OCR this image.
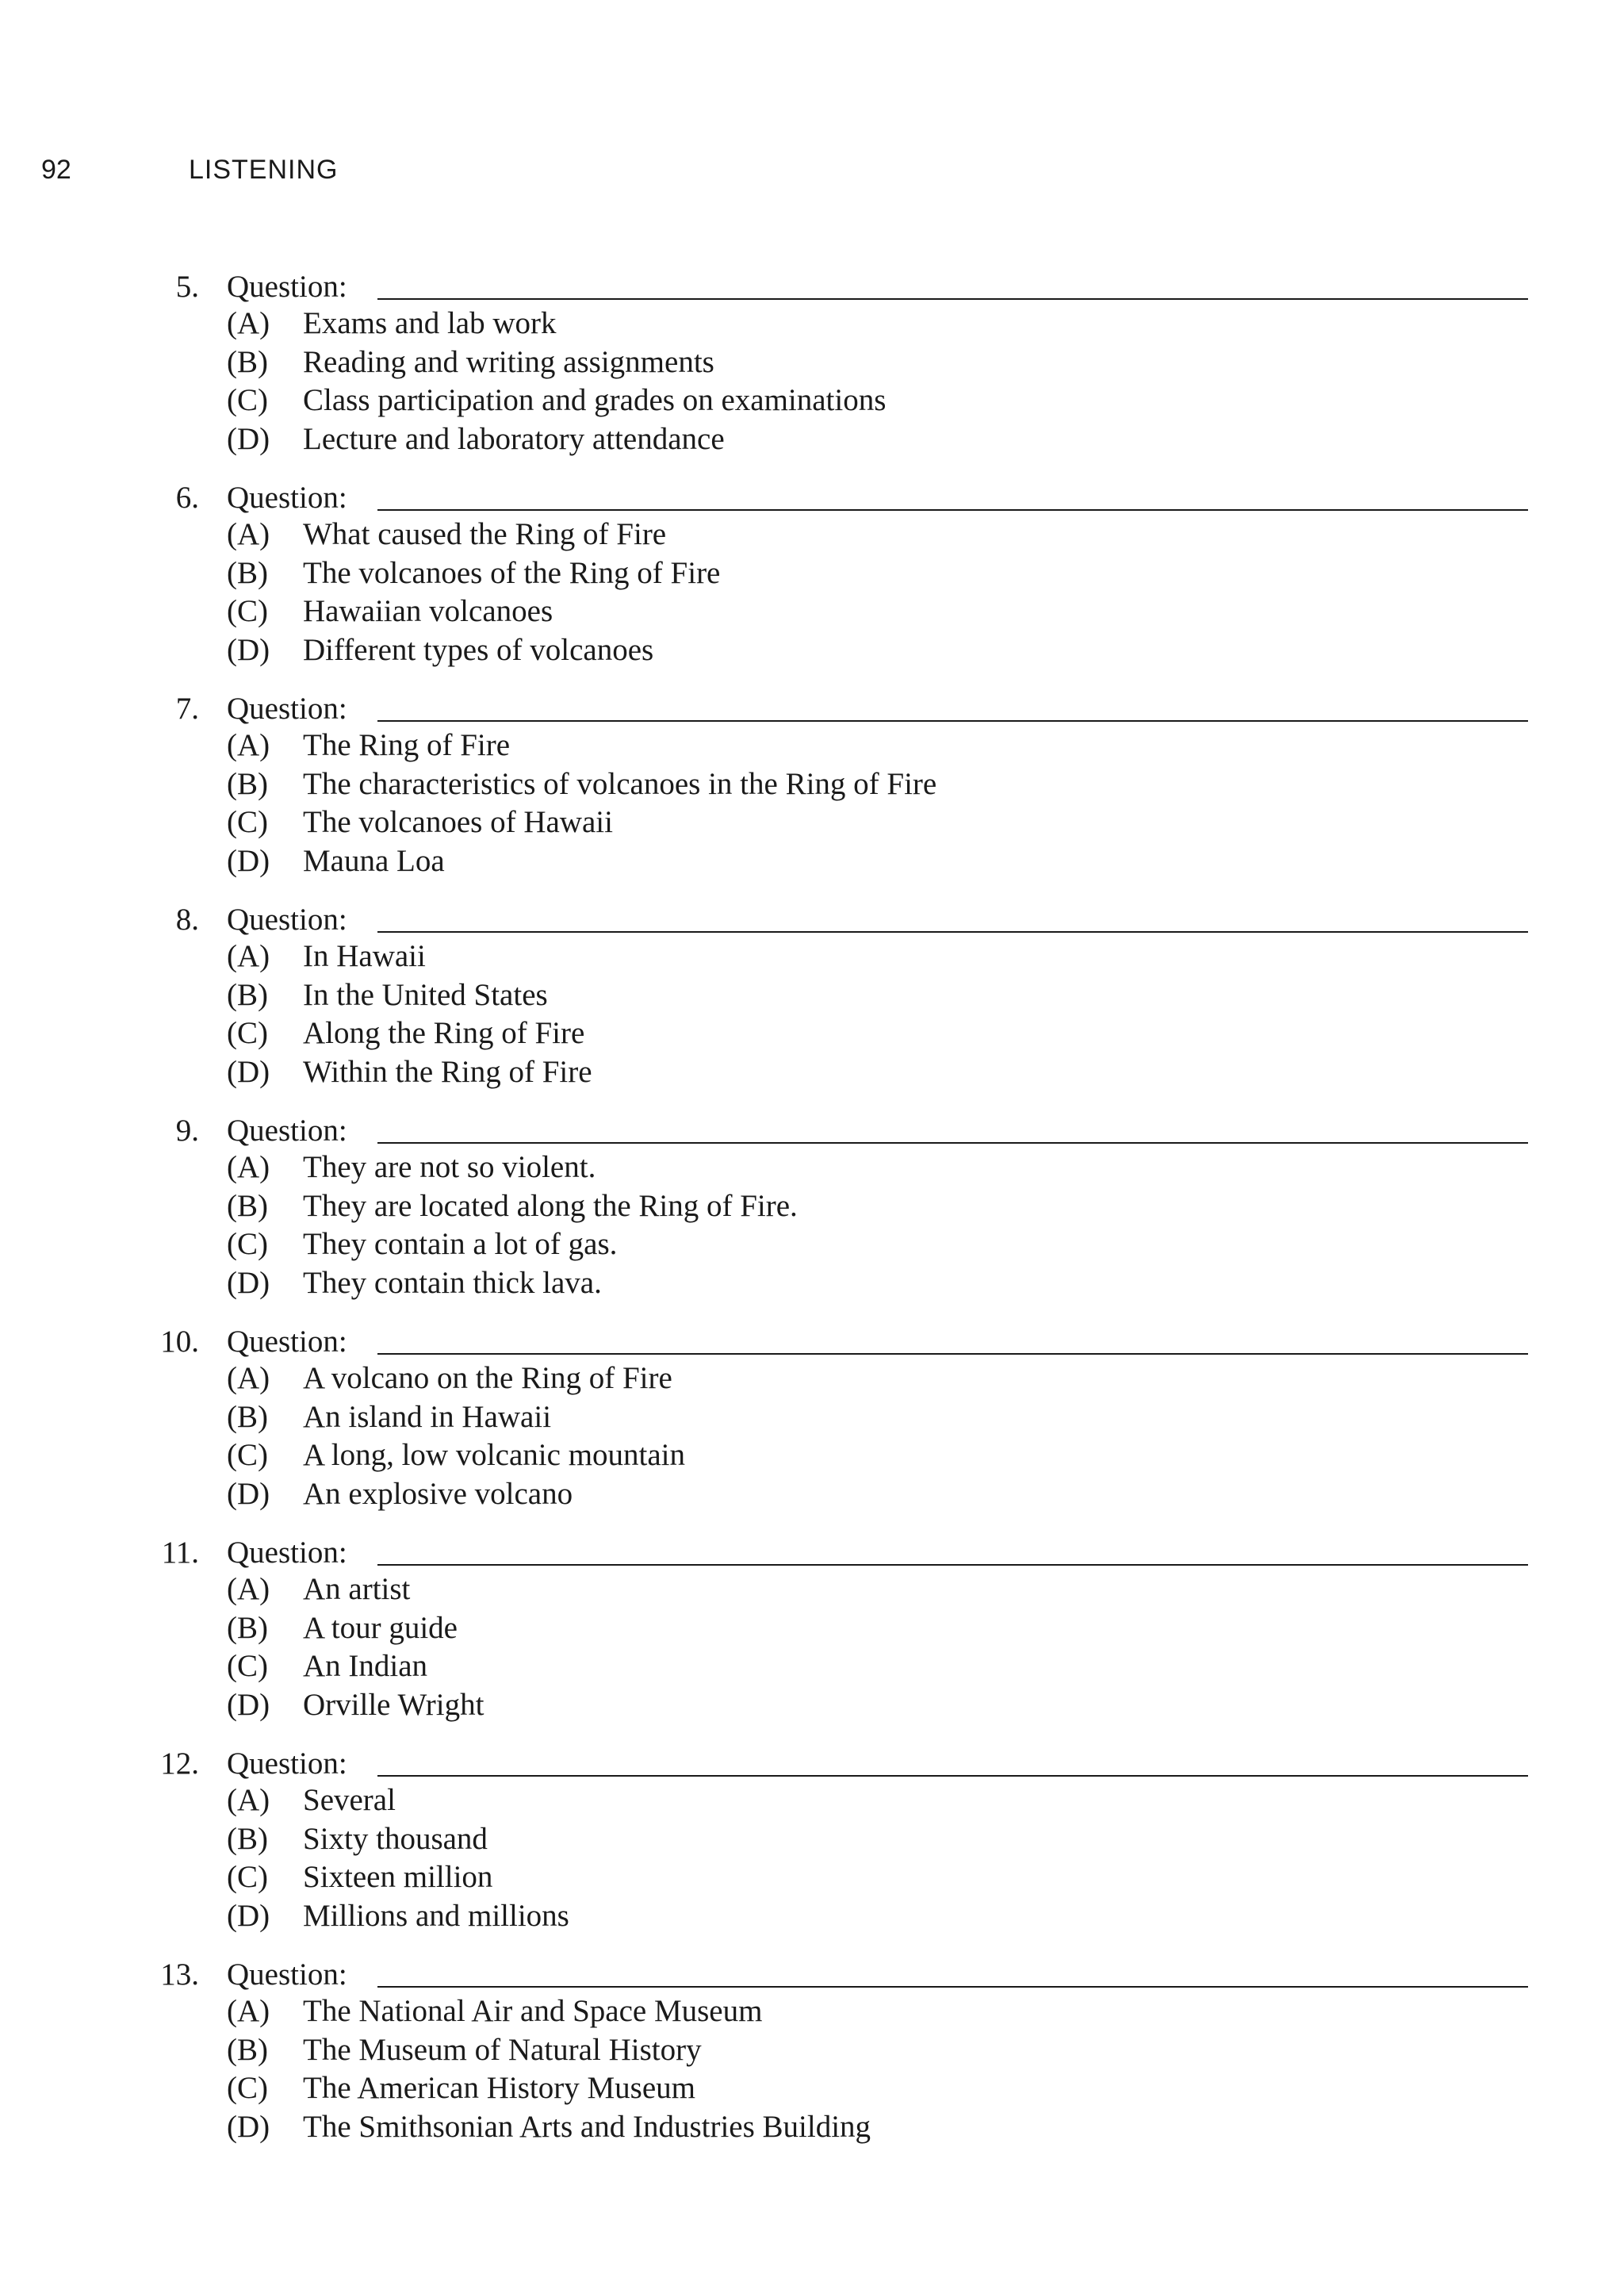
92	LISTENING
5. Question:
(A) Exams and lab work
(B) Reading and writing assignments
(C) Class participation and grades on examinations
(D) Lecture and laboratory attendance
6. Question:
(A) What caused the Ring of Fire
(B) The volcanoes of the Ring of Fire
(C) Hawaiian volcanoes
(D) Different types of volcanoes
7. Question:
(A) The Ring of Fire
(B) The characteristics of volcanoes in the Ring of Fire
(C) The volcanoes of Hawaii
(D) Mauna Loa
8. Question:
(A) In Hawaii
(B) In the United States
(C) Along the Ring of Fire
(D) Within the Ring of Fire
9. Question:
(A) They are not so violent.
(B) They are located along the Ring of Fire.
(C) They contain a lot of gas.
(D) They contain thick lava.
10. Question:
(A) A volcano on the Ring of Fire
(B) An island in Hawaii
(C) A long, low volcanic mountain
(D) An explosive volcano
11. Question:
(A) An artist
(B) A tour guide
(C) An Indian
(D) Orville Wright
12. Question:
(A) Several
(B) Sixty thousand
(C) Sixteen million
(D) Millions and millions
13. Question:
(A) The National Air and Space Museum
(B) The Museum of Natural History
(C) The American History Museum
(D) The Smithsonian Arts and Industries Building
